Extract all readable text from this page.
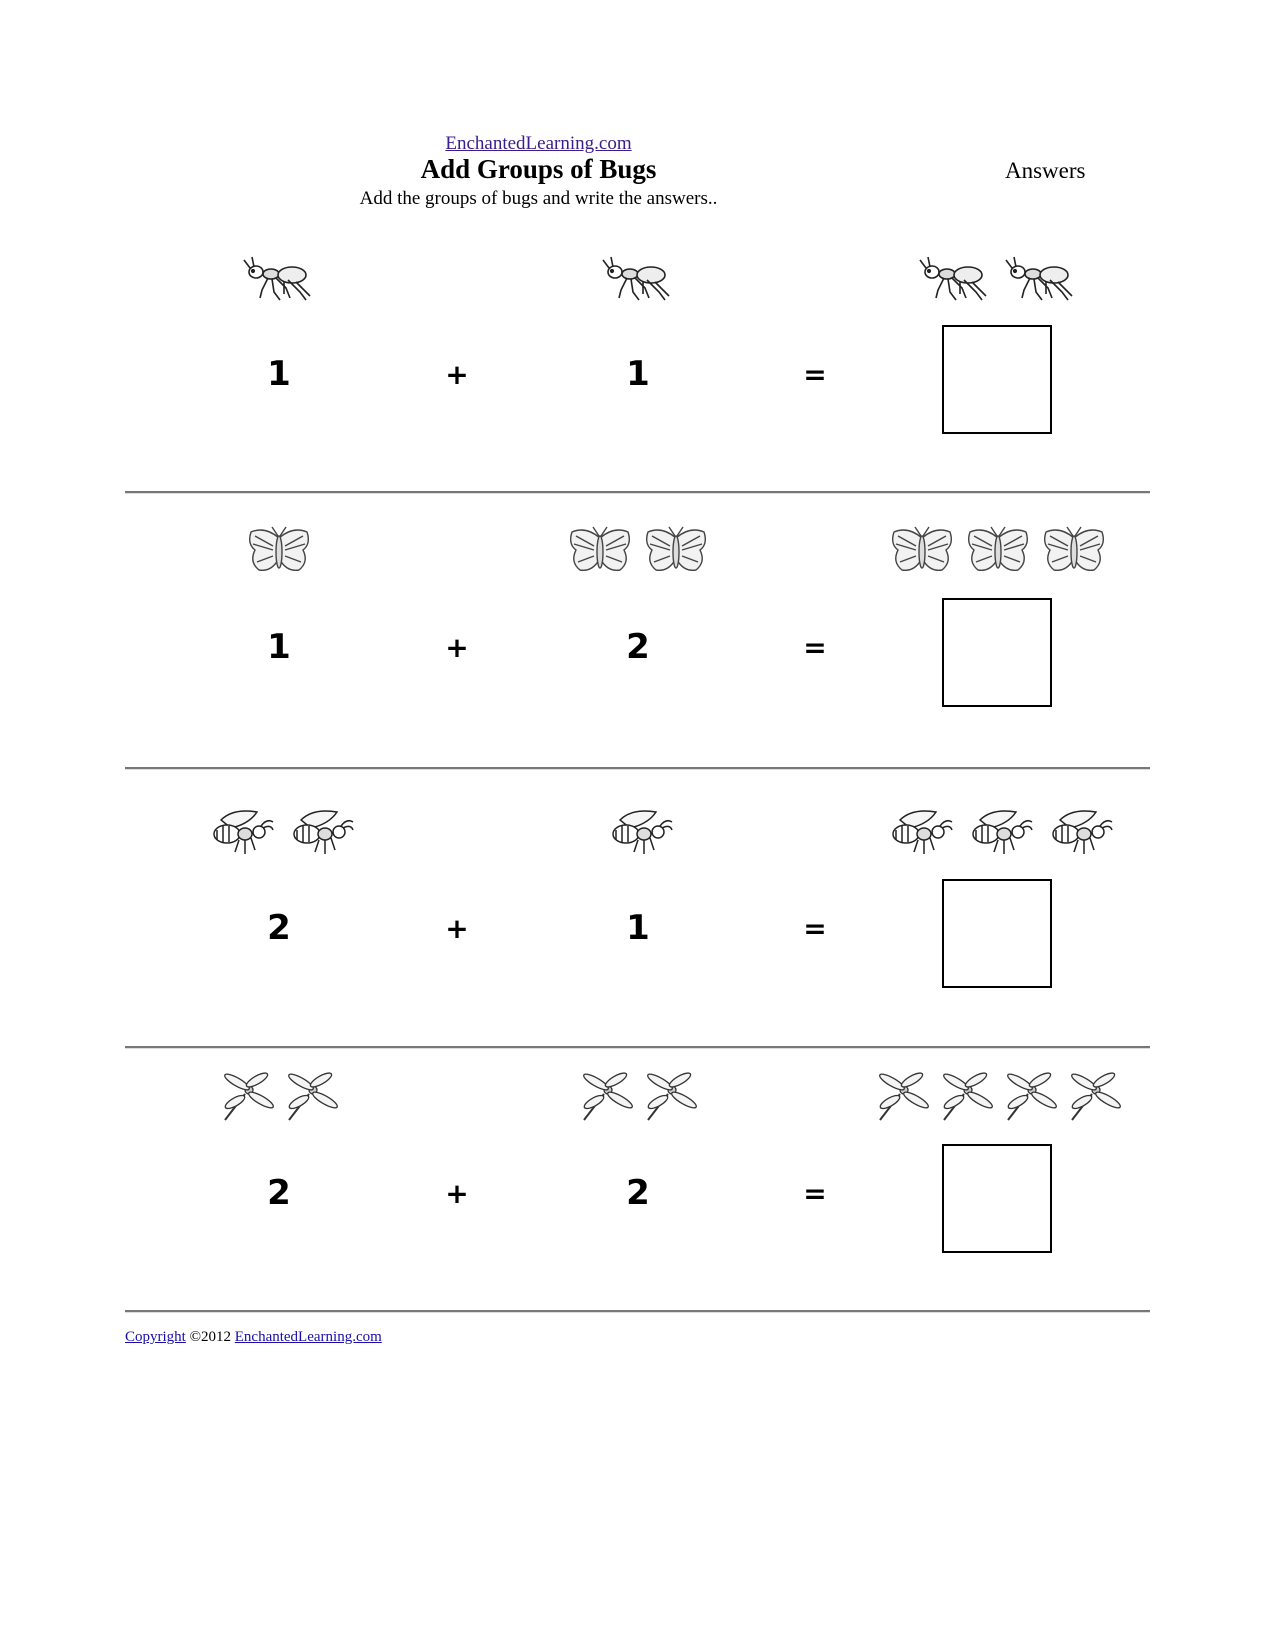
EnchantedLearning.com
Add Groups of Bugs
Add the groups of bugs and write the answers..
Answers
1	+	1	=
1	+	2	=
2	+	1	=
2	+	2	=
Copyright ©2012 EnchantedLearning.com
